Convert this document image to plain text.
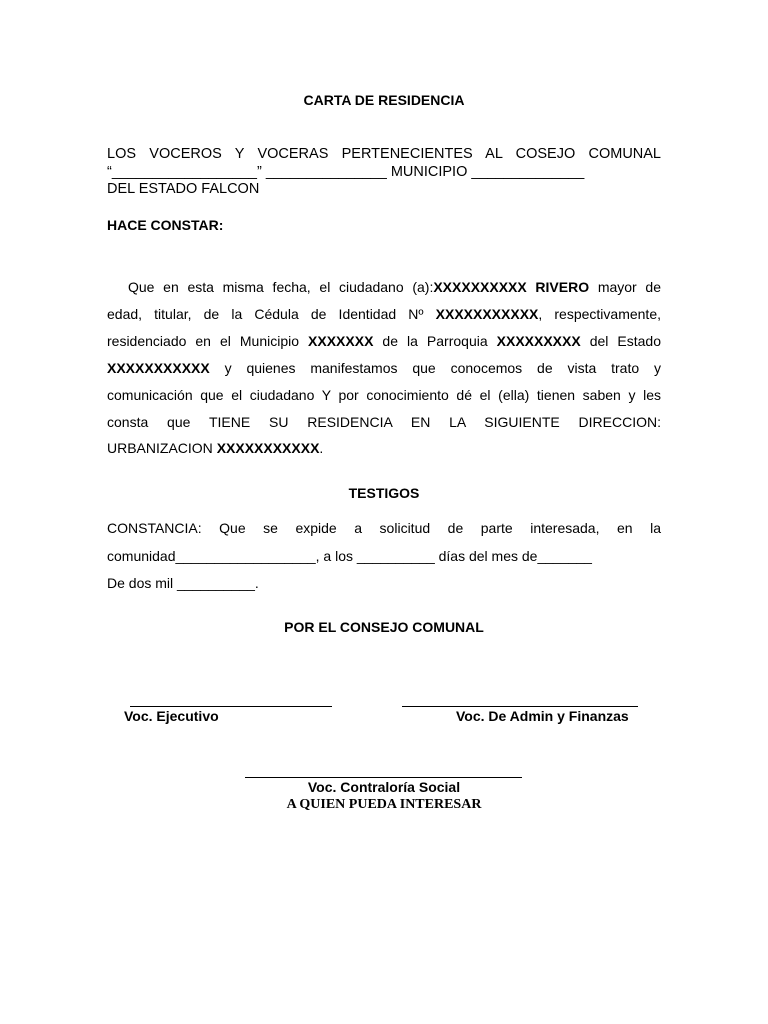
CARTA DE RESIDENCIA

LOS VOCEROS Y VOCERAS PERTENECIENTES AL COSEJO COMUNAL

“__________________” _______________ MUNICIPIO ______________

DEL ESTADO FALCON

HACE CONSTAR:

Que en esta misma fecha, el ciudadano (a):XXXXXXXXXX RIVERO mayor de

edad, titular, de la Cédula de Identidad Nº XXXXXXXXXXX, respectivamente,

residenciado en el Municipio XXXXXXX de la Parroquia XXXXXXXXX del Estado

XXXXXXXXXXX y quienes manifestamos que conocemos de vista trato y

comunicación que el ciudadano Y por conocimiento dé el (ella) tienen saben y les

consta que TIENE SU RESIDENCIA EN LA SIGUIENTE DIRECCION:

URBANIZACION XXXXXXXXXXX.

TESTIGOS

CONSTANCIA: Que se expide a solicitud de parte interesada, en la

comunidad__________________, a los __________ días del mes de_______

De dos mil __________.

POR EL CONSEJO COMUNAL

Voc. Ejecutivo	Voc. De Admin y Finanzas

Voc. Contraloría Social

A QUIEN PUEDA INTERESAR
